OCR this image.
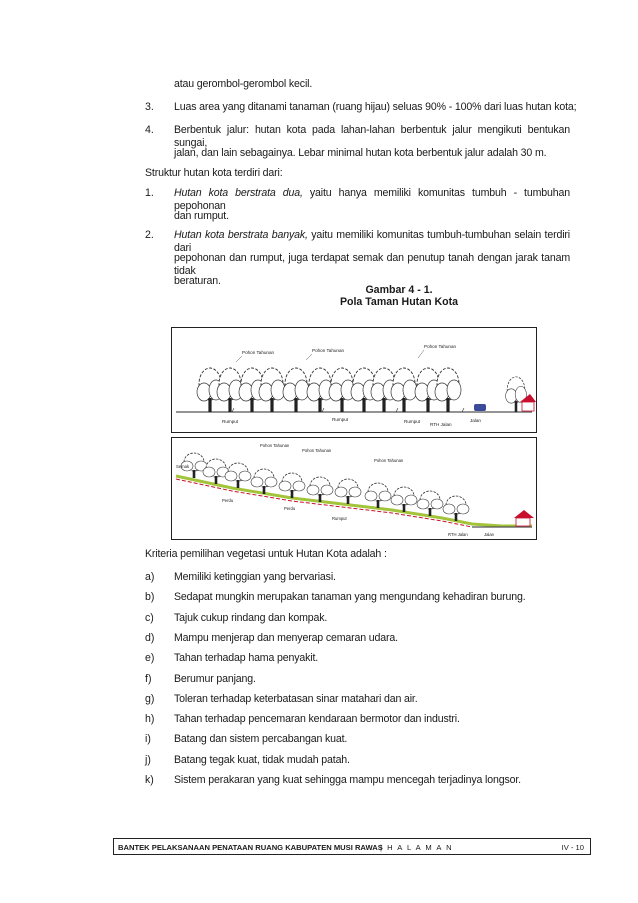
atau gerombol-gerombol kecil.
3. Luas area yang ditanami tanaman (ruang hijau) seluas 90% - 100% dari luas hutan kota;
4. Berbentuk jalur: hutan kota pada lahan-lahan berbentuk jalur mengikuti bentukan sungai,
jalan, dan lain sebagainya. Lebar minimal hutan kota berbentuk jalur adalah 30 m.
Struktur hutan kota terdiri dari:
1. Hutan kota berstrata dua, yaitu hanya memiliki komunitas tumbuh - tumbuhan pepohonan
dan rumput.
2. Hutan kota berstrata banyak, yaitu memiliki komunitas tumbuh-tumbuhan selain terdiri dari
pepohonan dan rumput, juga terdapat semak dan penutup tanah dengan jarak tanam tidak
beraturan.
Gambar 4 - 1.
Pola Taman Hutan Kota
Pohon Tahunan	Pohon Tahunan
Pohon Tahunan
Rumput	Rumput	Rumput
RTH Jalan
Jalan
Pohon Tahunan
Pohon Tahunan
Pohon Tahunan
Semak
Perdu
Perdu
Rumput
RTH Jalan	Jalan
Kriteria pemilihan vegetasi untuk Hutan Kota adalah :
a) Memiliki ketinggian yang bervariasi.
b) Sedapat mungkin merupakan tanaman yang mengundang kehadiran burung.
c) Tajuk cukup rindang dan kompak.
d) Mampu menjerap dan menyerap cemaran udara.
e) Tahan terhadap hama penyakit.
f) Berumur panjang.
g) Toleran terhadap keterbatasan sinar matahari dan air.
h) Tahan terhadap pencemaran kendaraan bermotor dan industri.
i) Batang dan sistem percabangan kuat.
j) Batang tegak kuat, tidak mudah patah.
k) Sistem perakaran yang kuat sehingga mampu mencegah terjadinya longsor.
BANTEK PELAKSANAAN PENATAAN RUANG KABUPATEN MUSI RAWAS
| H A L A M A N	IV - 10
